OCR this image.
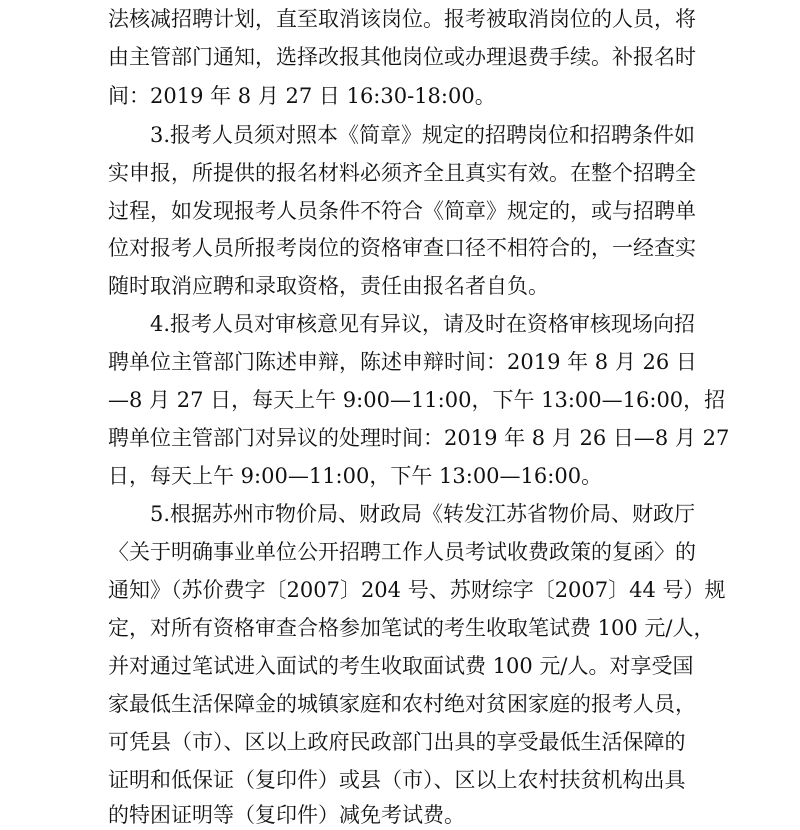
法核减招聘计划，直至取消该岗位。报考被取消岗位的人员，将
由主管部门通知，选择改报其他岗位或办理退费手续。补报名时
间：2019 年 8 月 27 日 16:30-18:00。
3.报考人员须对照本《简章》规定的招聘岗位和招聘条件如
实申报，所提供的报名材料必须齐全且真实有效。在整个招聘全
过程，如发现报考人员条件不符合《简章》规定的，或与招聘单
位对报考人员所报考岗位的资格审查口径不相符合的，一经查实
随时取消应聘和录取资格，责任由报名者自负。
4.报考人员对审核意见有异议，请及时在资格审核现场向招
聘单位主管部门陈述申辩，陈述申辩时间：2019 年 8 月 26 日
—8 月 27 日，每天上午 9:00—11:00，下午 13:00—16:00，招
聘单位主管部门对异议的处理时间：2019 年 8 月 26 日—8 月 27
日，每天上午 9:00—11:00，下午 13:00—16:00。
5.根据苏州市物价局、财政局《转发江苏省物价局、财政厅
〈关于明确事业单位公开招聘工作人员考试收费政策的复函〉的
通知》（苏价费字〔2007〕204 号、苏财综字〔2007〕44 号）规
定，对所有资格审查合格参加笔试的考生收取笔试费 100 元/人，
并对通过笔试进入面试的考生收取面试费 100 元/人。对享受国
家最低生活保障金的城镇家庭和农村绝对贫困家庭的报考人员，
可凭县（市）、区以上政府民政部门出具的享受最低生活保障的
证明和低保证（复印件）或县（市）、区以上农村扶贫机构出具
的特困证明等（复印件）减免考试费。
